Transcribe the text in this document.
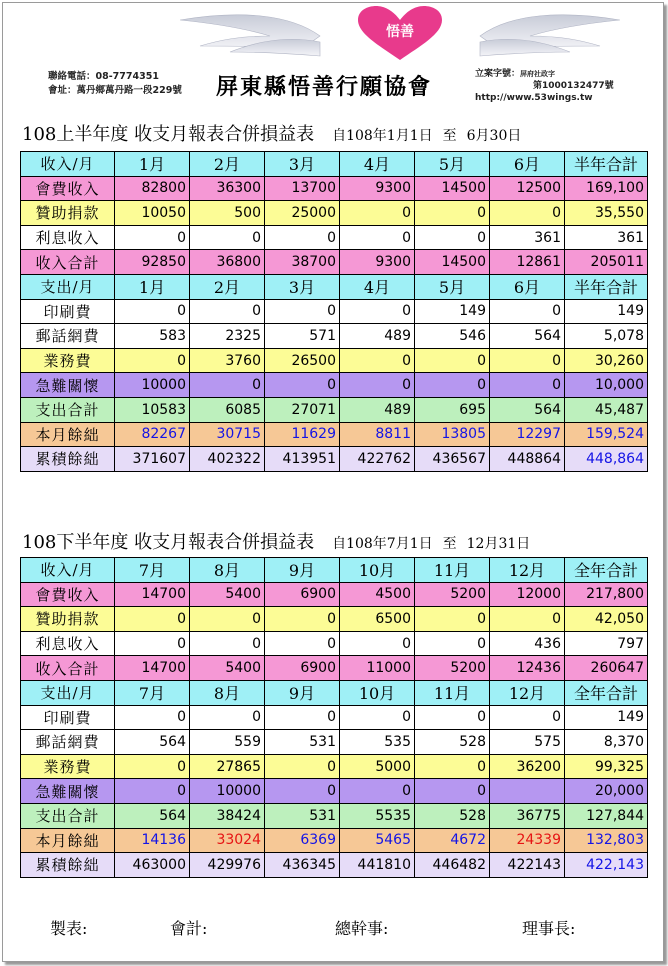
悟善
聯絡電話：08-7774351
會址：萬丹鄉萬丹路一段229號 屏東縣悟善行願協會	立案字號：屏府社政字
第1000132477號
http://www.53wings.tw
108上半年度 收支月報表合併損益表 自108年1月1日 至 6月30日
收入/月	1月	2月	3月	4月	5月	6月	半年合計
會費收入	82800	36300	13700	9300	14500	12500	169,100
贊助捐款	10050	500	25000	0	0	0	35,550
利息收入	0	0	0	0	0	361	361
收入合計	92850	36800	38700	9300	14500	12861	205011
支出/月	1月	2月	3月	4月	5月	6月	半年合計
印刷費	0	0	0	0	149	0	149
郵話網費	583	2325	571	489	546	564	5,078
業務費	0	3760	26500	0	0	0	30,260
急難關懷	10000	0	0	0	0	0	10,000
支出合計	10583	6085	27071	489	695	564	45,487
本月餘絀	82267	30715	11629	8811	13805	12297	159,524
累積餘絀	371607	402322	413951	422762	436567	448864	448,864
108下半年度 收支月報表合併損益表 自108年7月1日 至 12月31日
收入/月	7月	8月	9月	10月	11月	12月	全年合計
會費收入	14700	5400	6900	4500	5200	12000	217,800
贊助捐款	0	0	0	6500	0	0	42,050
利息收入	0	0	0	0	0	436	797
收入合計	14700	5400	6900	11000	5200	12436	260647
支出/月	7月	8月	9月	10月	11月	12月	全年合計
印刷費	0	0	0	0	0	0	149
郵話網費	564	559	531	535	528	575	8,370
業務費	0	27865	0	5000	0	36200	99,325
急難關懷	0	10000	0	0	0		20,000
支出合計	564	38424	531	5535	528	36775	127,844
本月餘絀	14136	33024	6369	5465	4672	24339	132,803
累積餘絀	463000	429976	436345	441810	446482	422143	422,143
製表:	會計:	總幹事:	理事長:
